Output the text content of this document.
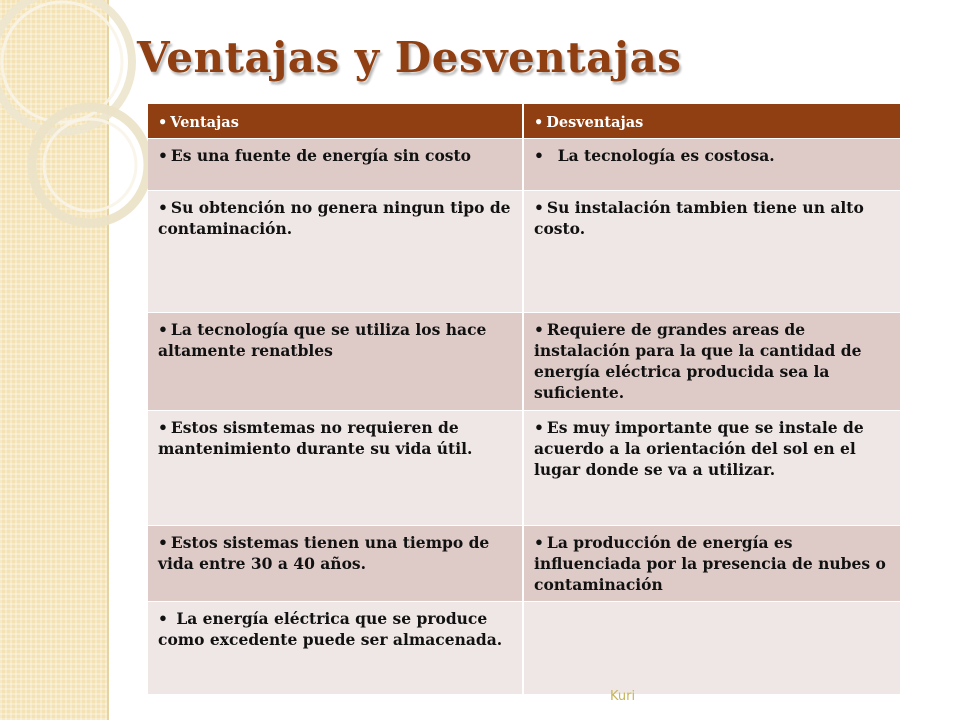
Ventajas y Desventajas
• Ventajas	• Desventajas
• Es una fuente de energía sin costo	• La tecnología es costosa.
• Su obtención no genera ningun tipo de contaminación.	• Su instalación tambien tiene un alto costo.
• La tecnología que se utiliza los hace altamente renatbles	• Requiere de grandes areas de instalación para la que la cantidad de energía eléctrica producida sea la suficiente.
• Estos sismtemas no requieren de mantenimiento durante su vida útil.	• Es muy importante que se instale de acuerdo a la orientación del sol en el lugar donde se va a utilizar.
• Estos sistemas tienen una tiempo de vida entre 30 a 40 años.	• La producción de energía es influenciada por la presencia de nubes o contaminación
• La energía eléctrica que se produce como excedente puede ser almacenada.	
Kuri
